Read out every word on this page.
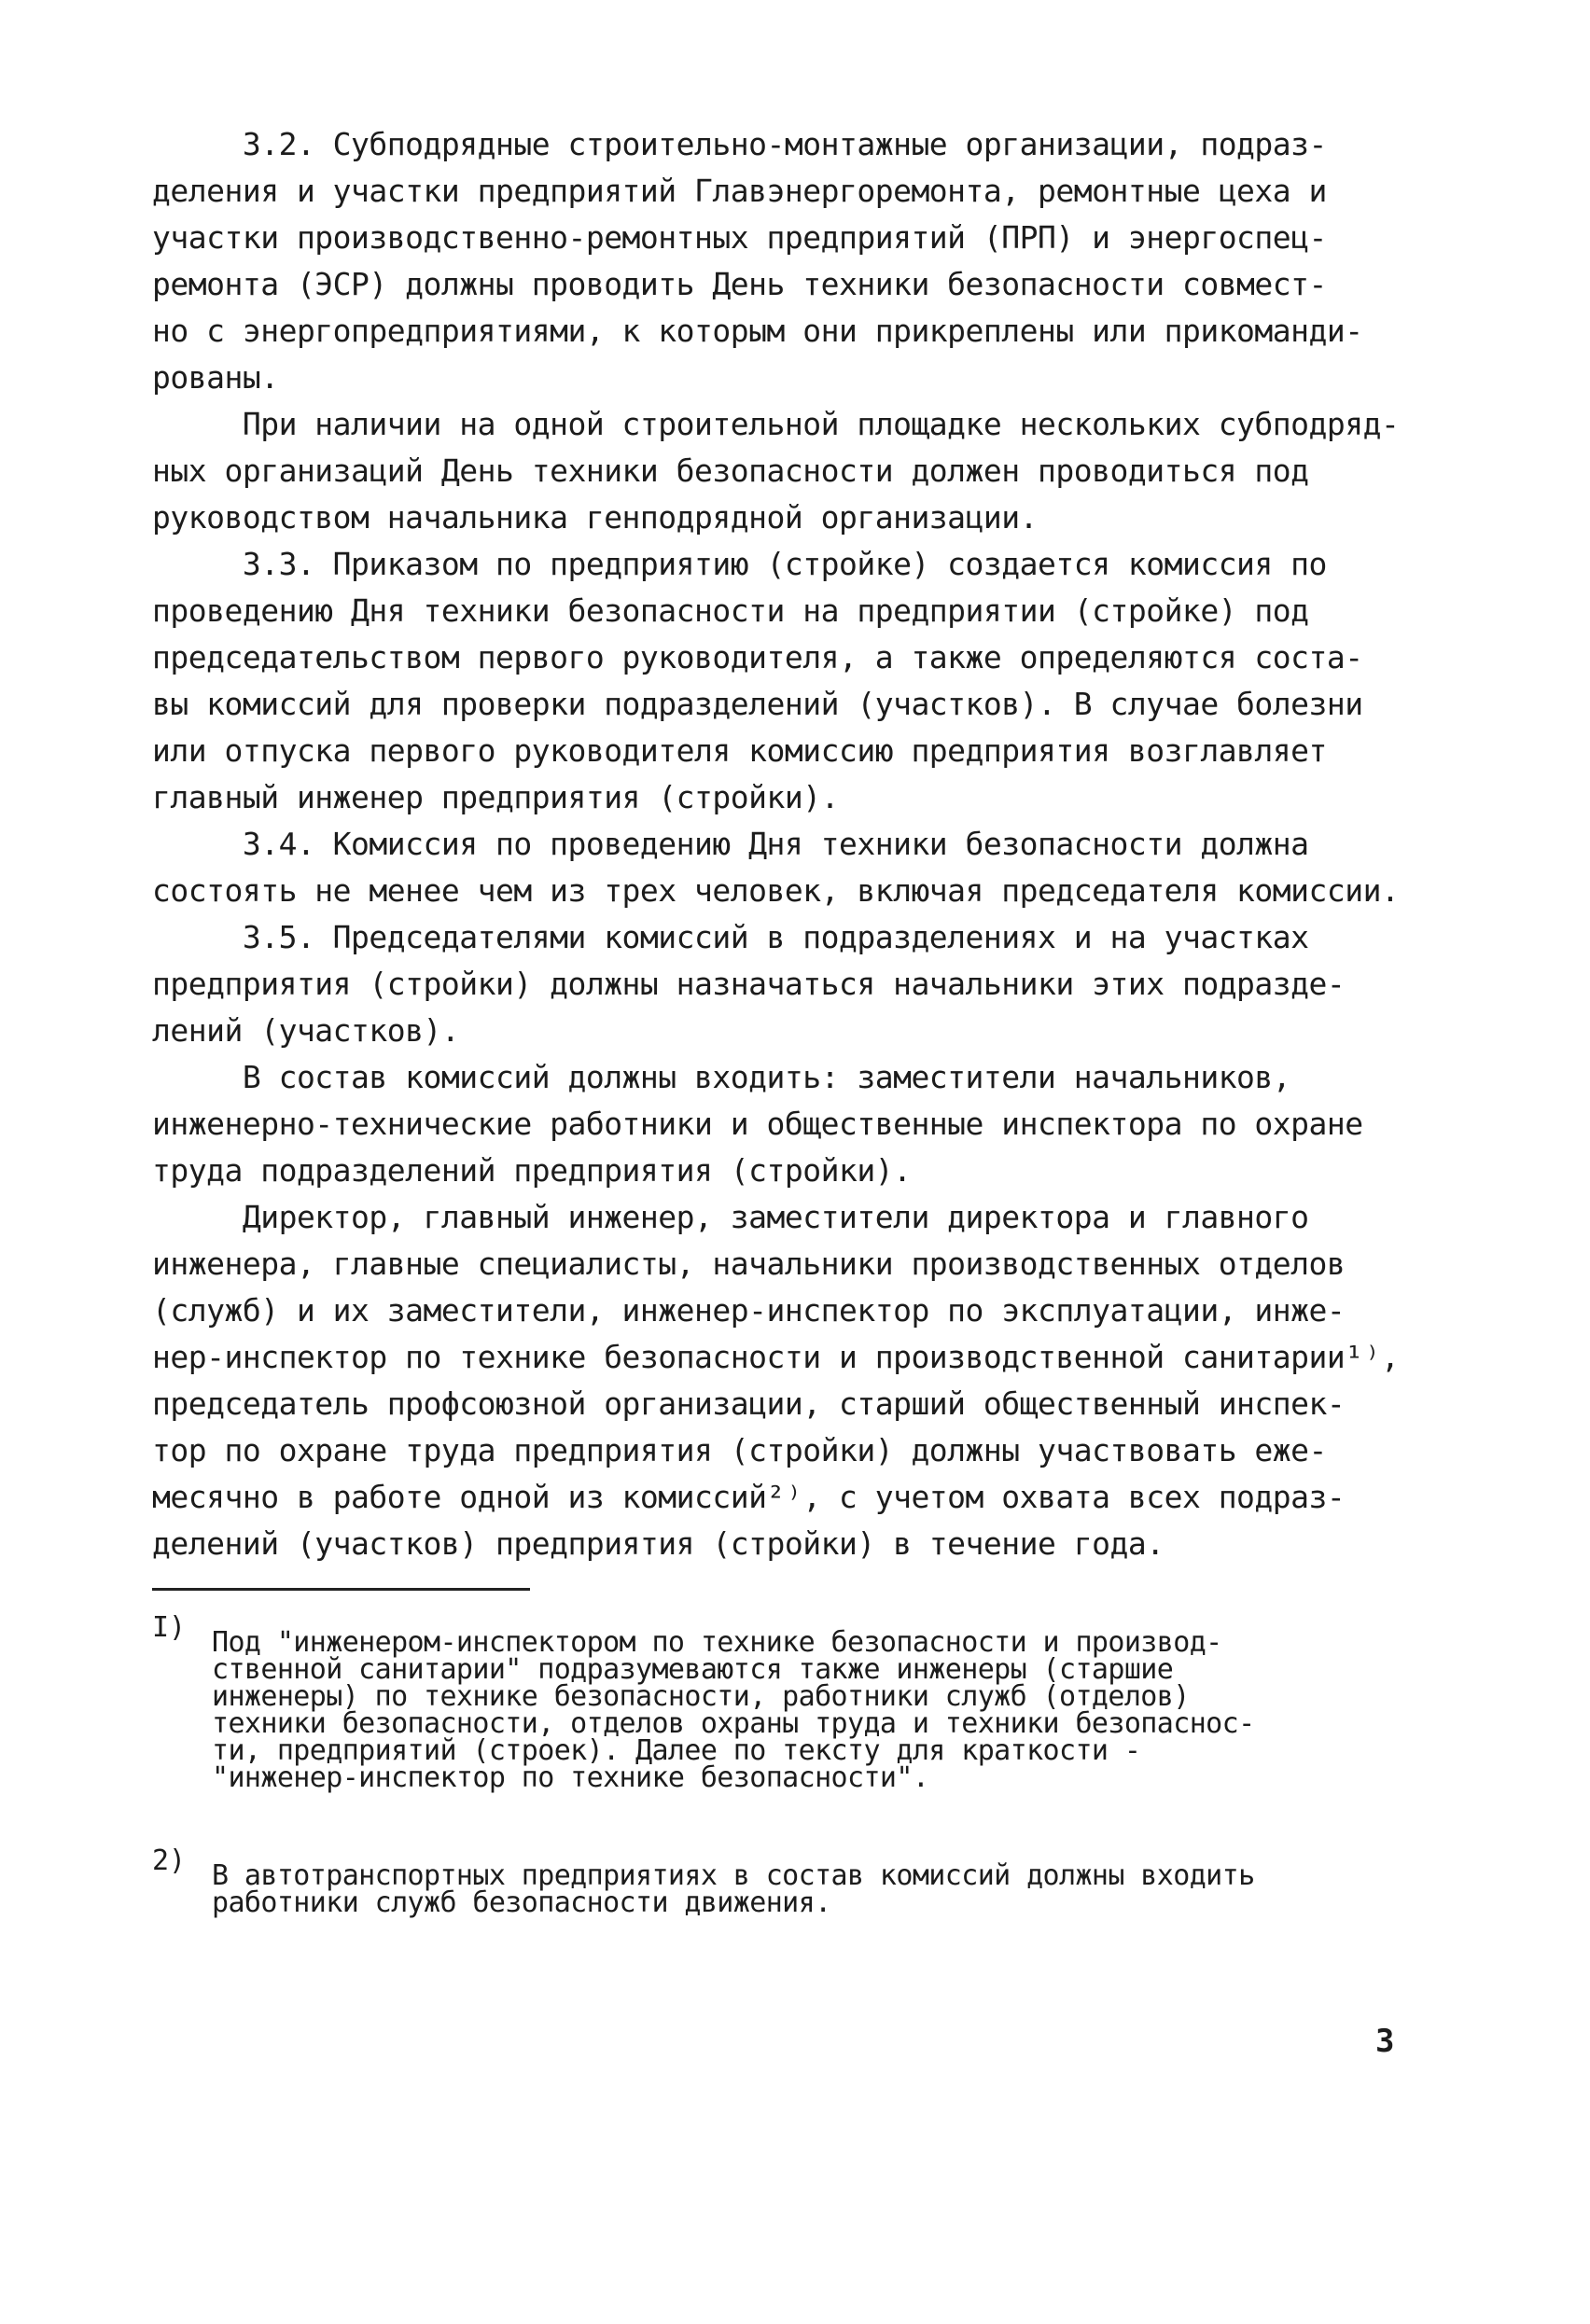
3.2. Субподрядные строительно-монтажные организации, подраз-
деления и участки предприятий Главэнергоремонта, ремонтные цеха и
участки производственно-ремонтных предприятий (ПРП) и энергоспец-
ремонта (ЭСР) должны проводить День техники безопасности совмест-
но с энергопредприятиями, к которым они прикреплены или прикоманди-
рованы.
При наличии на одной строительной площадке нескольких субподряд-
ных организаций День техники безопасности должен проводиться под
руководством начальника генподрядной организации.
3.3. Приказом по предприятию (стройке) создается комиссия по
проведению Дня техники безопасности на предприятии (стройке) под
председательством первого руководителя, а также определяются соста-
вы комиссий для проверки подразделений (участков). В случае болезни
или отпуска первого руководителя комиссию предприятия возглавляет
главный инженер предприятия (стройки).
3.4. Комиссия по проведению Дня техники безопасности должна
состоять не менее чем из трех человек, включая председателя комиссии.
3.5. Председателями комиссий в подразделениях и на участках
предприятия (стройки) должны назначаться начальники этих подразде-
лений (участков).
В состав комиссий должны входить: заместители начальников,
инженерно-технические работники и общественные инспектора по охране
труда подразделений предприятия (стройки).
Директор, главный инженер, заместители директора и главного
инженера, главные специалисты, начальники производственных отделов
(служб) и их заместители, инженер-инспектор по эксплуатации, инже-
нер-инспектор по технике безопасности и производственной санитарии¹⁾,
председатель профсоюзной организации, старший общественный инспек-
тор по охране труда предприятия (стройки) должны участвовать еже-
месячно в работе одной из комиссий²⁾, с учетом охвата всех подраз-
делений (участков) предприятия (стройки) в течение года.
I) Под "инженером-инспектором по технике безопасности и производ-
ственной санитарии" подразумеваются также инженеры (старшие
инженеры) по технике безопасности, работники служб (отделов)
техники безопасности, отделов охраны труда и техники безопаснос-
ти, предприятий (строек). Далее по тексту для краткости -
"инженер-инспектор по технике безопасности".
2) В автотранспортных предприятиях в состав комиссий должны входить
работники служб безопасности движения.
3
